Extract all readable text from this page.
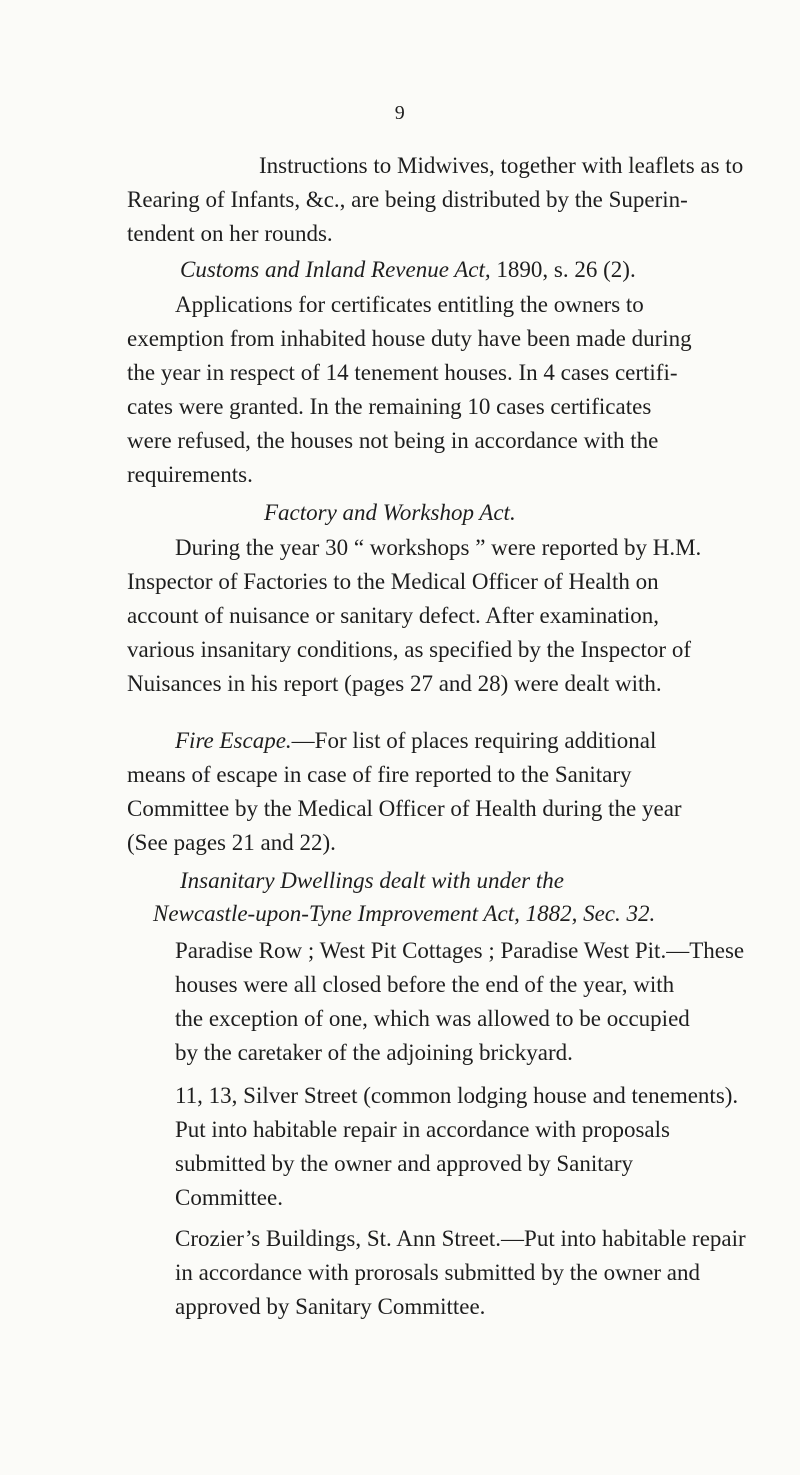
9
Instructions to Midwives, together with leaflets as to
Rearing of Infants, &c., are being distributed by the Superin-
tendent on her rounds.
Customs and Inland Revenue Act, 1890, s. 26 (2).
Applications for certificates entitling the owners to
exemption from inhabited house duty have been made during
the year in respect of 14 tenement houses. In 4 cases certifi-
cates were granted. In the remaining 10 cases certificates
were refused, the houses not being in accordance with the
requirements.
Factory and Workshop Act.
During the year 30 “ workshops ” were reported by H.M.
Inspector of Factories to the Medical Officer of Health on
account of nuisance or sanitary defect. After examination,
various insanitary conditions, as specified by the Inspector of
Nuisances in his report (pages 27 and 28) were dealt with.
Fire Escape.—For list of places requiring additional
means of escape in case of fire reported to the Sanitary
Committee by the Medical Officer of Health during the year
(See pages 21 and 22).
Insanitary Dwellings dealt with under the
Newcastle-upon-Tyne Improvement Act, 1882, Sec. 32.
Paradise Row ; West Pit Cottages ; Paradise West Pit.—These
houses were all closed before the end of the year, with
the exception of one, which was allowed to be occupied
by the caretaker of the adjoining brickyard.
11, 13, Silver Street (common lodging house and tenements).
Put into habitable repair in accordance with proposals
submitted by the owner and approved by Sanitary
Committee.
Crozier’s Buildings, St. Ann Street.—Put into habitable repair
in accordance with prorosals submitted by the owner and
approved by Sanitary Committee.
